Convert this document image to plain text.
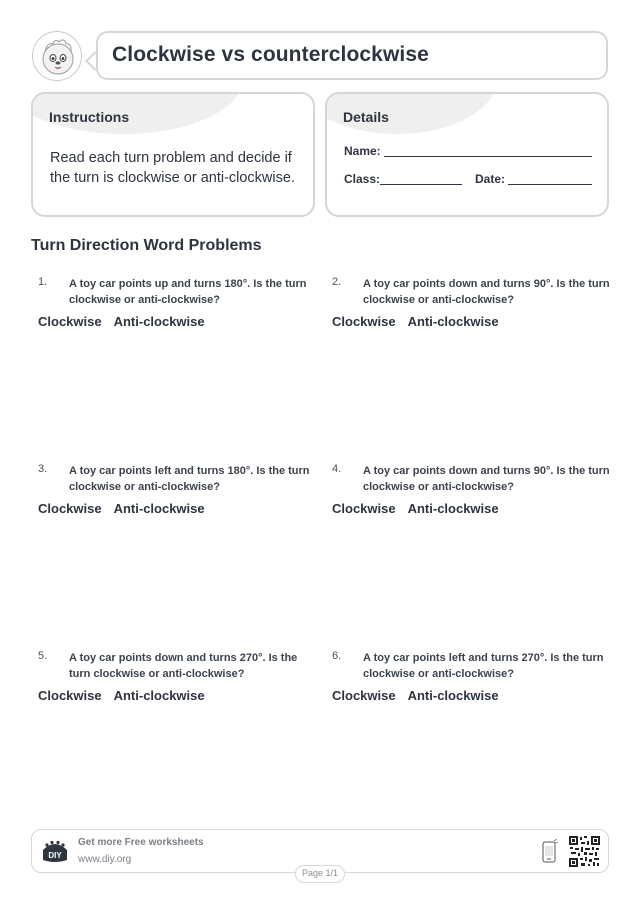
Clockwise vs counterclockwise
Instructions

Read each turn problem and decide if the turn is clockwise or anti-clockwise.

Details
Name:
Class:	Date:
Turn Direction Word Problems
1. A toy car points up and turns 180°. Is the turn clockwise or anti-clockwise?
Clockwise Anti-clockwise
2. A toy car points down and turns 90°. Is the turn clockwise or anti-clockwise?
Clockwise Anti-clockwise
3. A toy car points left and turns 180°. Is the turn clockwise or anti-clockwise?
Clockwise Anti-clockwise
4. A toy car points down and turns 90°. Is the turn clockwise or anti-clockwise?
Clockwise Anti-clockwise
5. A toy car points down and turns 270°. Is the turn clockwise or anti-clockwise?
Clockwise Anti-clockwise
6. A toy car points left and turns 270°. Is the turn clockwise or anti-clockwise?
Clockwise Anti-clockwise
DIY
Get more Free worksheets
www.diy.org
Page 1/1
